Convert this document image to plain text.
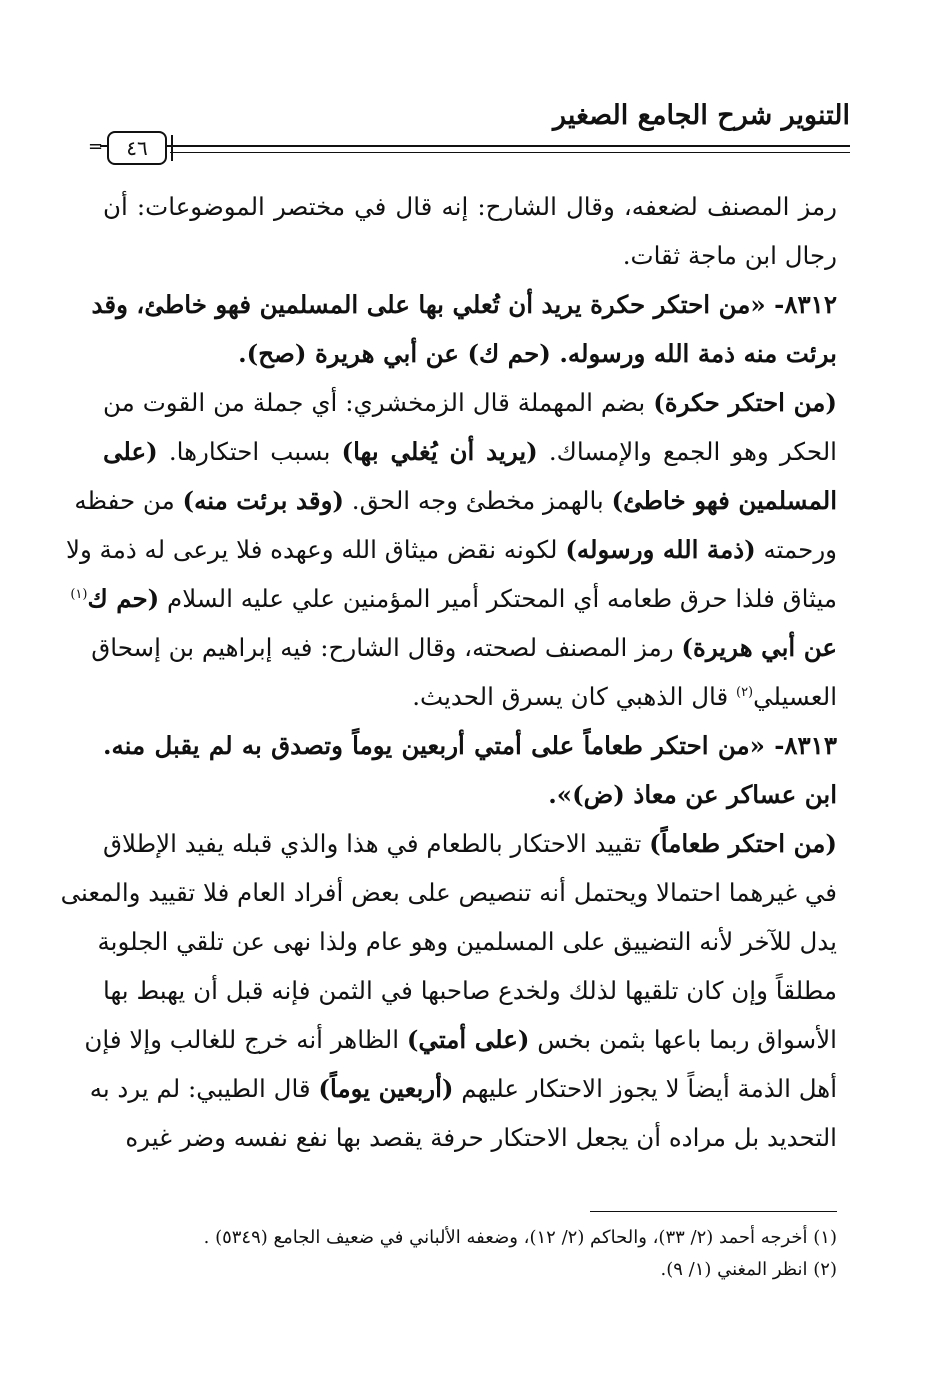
التنوير شرح الجامع الصغير
=	٤٦
رمز المصنف لضعفه، وقال الشارح: إنه قال في مختصر الموضوعات: أن
رجال ابن ماجة ثقات.
٨٣١٢- «من احتكر حكرة يريد أن تُعلي بها على المسلمين فهو خاطئ، وقد
برئت منه ذمة الله ورسوله. (حم ك) عن أبي هريرة (صح).
(من احتكر حكرة) بضم المهملة قال الزمخشري: أي جملة من القوت من
الحكر وهو الجمع والإمساك. (يريد أن يُغلي بها) بسبب احتكارها. (على
المسلمين فهو خاطئ) بالهمز مخطئ وجه الحق. (وقد برئت منه) من حفظه
ورحمته (ذمة الله ورسوله) لكونه نقض ميثاق الله وعهده فلا يرعى له ذمة ولا
ميثاق فلذا حرق طعامه أي المحتكر أمير المؤمنين علي عليه السلام (حم ك$^{(١)}$
عن أبي هريرة) رمز المصنف لصحته، وقال الشارح: فيه إبراهيم بن إسحاق
العسيلي$^{(٢)}$ قال الذهبي كان يسرق الحديث.
٨٣١٣- «من احتكر طعاماً على أمتي أربعين يوماً وتصدق به لم يقبل منه.
ابن عساكر عن معاذ (ض)».
(من احتكر طعاماً) تقييد الاحتكار بالطعام في هذا والذي قبله يفيد الإطلاق
في غيرهما احتمالا ويحتمل أنه تنصيص على بعض أفراد العام فلا تقييد والمعنى
يدل للآخر لأنه التضييق على المسلمين وهو عام ولذا نهى عن تلقي الجلوبة
مطلقاً وإن كان تلقيها لذلك ولخدع صاحبها في الثمن فإنه قبل أن يهبط بها
الأسواق ربما باعها بثمن بخس (على أمتي) الظاهر أنه خرج للغالب وإلا فإن
أهل الذمة أيضاً لا يجوز الاحتكار عليهم (أربعين يوماً) قال الطيبي: لم يرد به
التحديد بل مراده أن يجعل الاحتكار حرفة يقصد بها نفع نفسه وضر غيره
(١) أخرجه أحمد (٢/ ٣٣)، والحاكم (٢/ ١٢)، وضعفه الألباني في ضعيف الجامع (٥٣٤٩) .
(٢) انظر المغني (١/ ٩).
